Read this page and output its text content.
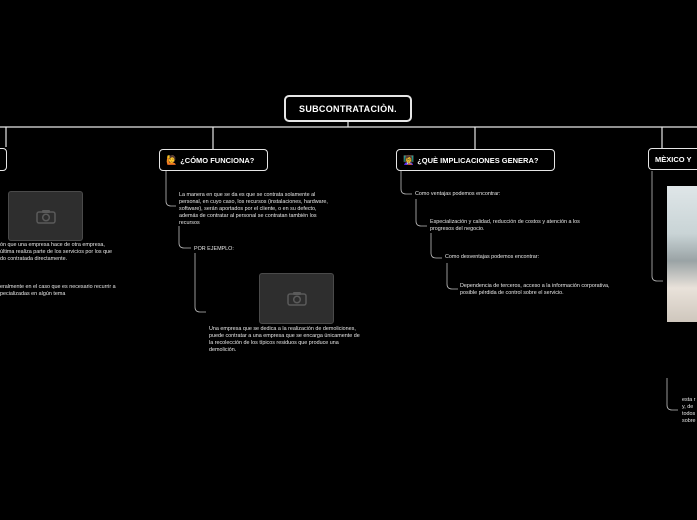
SUBCONTRATACIÒN.
🙋 ¿CÓMO FUNCIONA?	👩‍🏫 ¿QUÈ IMPLICACIONES GENERA?	MÈXICO Y
ón que una empresa hace de otra empresa,
última realiza parte de los servicios por los que
do contratada directamente.
eralmente en el caso que es necesario recurrir a
pecializadas en algún tema
La manera en que se da es que se contrata solamente al
personal, en cuyo caso, los recursos (instalaciones, hardware,
software), serán aportados por el cliente, o en su defecto,
además de contratar al personal se contratan también los
recursos
POR EJEMPLO:
Una empresa que se dedica a la realización de demoliciones,
puede contratar a una empresa que se encarga únicamente de
la recolección de los típicos residuos que produce una
demolición.
Como ventajas podemos encontrar:
Especialización y calidad, reducción de costos y atención a los
progresos del negocio.
Como desventajas podemos encontrar:
Dependencia de terceros, acceso a la información corporativa,
posible pérdida de control sobre el servicio.
esta r
y, de
todos
sobre
